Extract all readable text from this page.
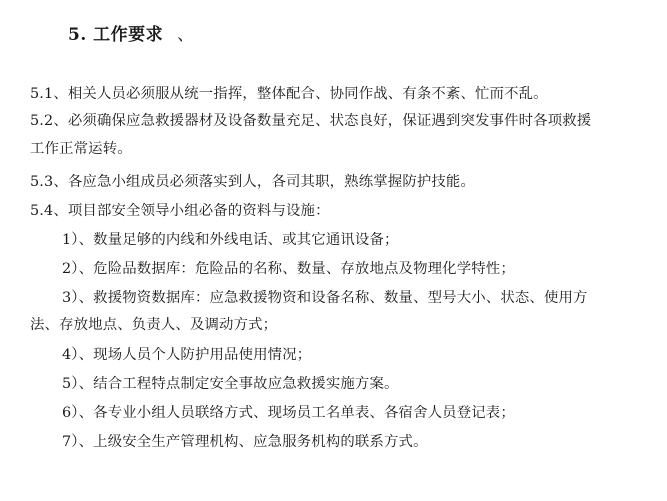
5. 工作要求 、
5.1、相关人员必须服从统一指挥，整体配合、协同作战、有条不紊、忙而不乱。
5.2、必须确保应急救援器材及设备数量充足、状态良好，保证遇到突发事件时各项救援
工作正常运转。
5.3、各应急小组成员必须落实到人，各司其职，熟练掌握防护技能。
5.4、项目部安全领导小组必备的资料与设施：
1）、数量足够的内线和外线电话、或其它通讯设备；
2）、危险品数据库：危险品的名称、数量、存放地点及物理化学特性；
3）、救援物资数据库：应急救援物资和设备名称、数量、型号大小、状态、使用方
法、存放地点、负责人、及调动方式；
4）、现场人员个人防护用品使用情况；
5）、结合工程特点制定安全事故应急救援实施方案。
6）、各专业小组人员联络方式、现场员工名单表、各宿舍人员登记表；
7）、上级安全生产管理机构、应急服务机构的联系方式。
